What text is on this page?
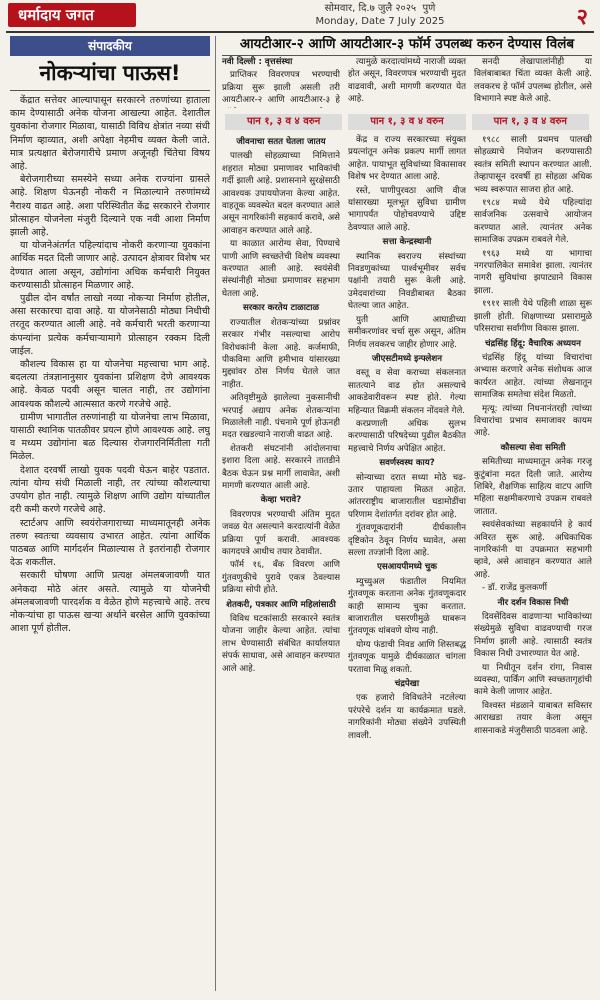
धर्मादाय जगत	सोमवार, दि.७ जुलै २०२५ पुणे
Monday, Date 7 July 2025	२
संपादकीय
नोकऱ्यांचा पाऊस!

केंद्रात सत्तेवर आल्यापासून सरकारने तरुणांच्या हाताला काम देण्यासाठी अनेक योजना आखल्या आहेत. देशातील युवकांना रोजगार मिळावा, यासाठी विविध क्षेत्रांत नव्या संधी निर्माण व्हाव्यात, अशी अपेक्षा नेहमीच व्यक्त केली जाते. मात्र प्रत्यक्षात बेरोजगारीचे प्रमाण अजूनही चिंतेचा विषय आहे.

बेरोजगारीच्या समस्येने सध्या अनेक राज्यांना ग्रासले आहे. शिक्षण घेऊनही नोकरी न मिळाल्याने तरुणांमध्ये नैराश्य वाढत आहे. अशा परिस्थितीत केंद्र सरकारने रोजगार प्रोत्साहन योजनेला मंजुरी दिल्याने एक नवी आशा निर्माण झाली आहे.

या योजनेअंतर्गत पहिल्यांदाच नोकरी करणाऱ्या युवकांना आर्थिक मदत दिली जाणार आहे. उत्पादन क्षेत्रावर विशेष भर देण्यात आला असून, उद्योगांना अधिक कर्मचारी नियुक्त करण्यासाठी प्रोत्साहन मिळणार आहे.

पुढील दोन वर्षांत लाखो नव्या नोकऱ्या निर्माण होतील, असा सरकारचा दावा आहे. या योजनेसाठी मोठ्या निधीची तरतूद करण्यात आली आहे. नवे कर्मचारी भरती करणाऱ्या कंपन्यांना प्रत्येक कर्मचाऱ्यामागे प्रोत्साहन रक्कम दिली जाईल.

कौशल्य विकास हा या योजनेचा महत्त्वाचा भाग आहे. बदलत्या तंत्रज्ञानानुसार युवकांना प्रशिक्षण देणे आवश्यक आहे. केवळ पदवी असून चालत नाही, तर उद्योगांना आवश्यक कौशल्ये आत्मसात करणे गरजेचे आहे.

ग्रामीण भागातील तरुणांनाही या योजनेचा लाभ मिळावा, यासाठी स्थानिक पातळीवर प्रयत्न होणे आवश्यक आहे. लघु व मध्यम उद्योगांना बळ दिल्यास रोजगारनिर्मितीला गती मिळेल.

देशात दरवर्षी लाखो युवक पदवी घेऊन बाहेर पडतात. त्यांना योग्य संधी मिळाली नाही, तर त्यांच्या कौशल्याचा उपयोग होत नाही. त्यामुळे शिक्षण आणि उद्योग यांच्यातील दरी कमी करणे गरजेचे आहे.

स्टार्टअप आणि स्वयंरोजगाराच्या माध्यमातूनही अनेक तरुण स्वतःचा व्यवसाय उभारत आहेत. त्यांना आर्थिक पाठबळ आणि मार्गदर्शन मिळाल्यास ते इतरांनाही रोजगार देऊ शकतील.

सरकारी घोषणा आणि प्रत्यक्ष अंमलबजावणी यात अनेकदा मोठे अंतर असते. त्यामुळे या योजनेची अंमलबजावणी पारदर्शक व वेळेत होणे महत्त्वाचे आहे. तरच नोकऱ्यांचा हा पाऊस खऱ्या अर्थाने बरसेल आणि युवकांच्या आशा पूर्ण होतील.

आयटीआर-२ आणि आयटीआर-३ फॉर्म उपलब्ध करुन देण्यास विलंब

नवी दिल्ली : वृत्तसंस्था

प्राप्तिकर विवरणपत्र भरण्याची प्रक्रिया सुरू झाली असली तरी आयटीआर-२ आणि आयटीआर-३ हे

त्यामुळे करदात्यांमध्ये नाराजी व्यक्त होत असून, विवरणपत्र भरण्याची मुदत वाढवावी, अशी मागणी करण्यात येत आहे.

सनदी लेखापालांनीही या विलंबाबाबत चिंता व्यक्त केली आहे. लवकरच हे फॉर्म उपलब्ध होतील, असे विभागाने स्पष्ट केले आहे.

पान १, ३ व ४ वरुन	पान १, ३ व ४ वरुन	पान १, ३ व ४ वरुन

जीवनाचा सतत घेतला जातय

पालखी सोहळ्याच्या निमित्ताने शहरात मोठ्या प्रमाणावर भाविकांची गर्दी झाली आहे. प्रशासनाने सुरक्षेसाठी आवश्यक उपाययोजना केल्या आहेत. वाहतूक व्यवस्थेत बदल करण्यात आले असून नागरिकांनी सहकार्य करावे, असे आवाहन करण्यात आले आहे.

या काळात आरोग्य सेवा, पिण्याचे पाणी आणि स्वच्छतेची विशेष व्यवस्था करण्यात आली आहे. स्वयंसेवी संस्थांनीही मोठ्या प्रमाणावर सहभाग घेतला आहे.

सरकार करतेय टाळाटाळ

राज्यातील शेतकऱ्यांच्या प्रश्नांवर सरकार गंभीर नसल्याचा आरोप विरोधकांनी केला आहे. कर्जमाफी, पीकविमा आणि हमीभाव यांसारख्या मुद्द्यांवर ठोस निर्णय घेतले जात नाहीत.

अतिवृष्टीमुळे झालेल्या नुकसानीची भरपाई अद्याप अनेक शेतकऱ्यांना मिळालेली नाही. पंचनामे पूर्ण होऊनही मदत रखडल्याने नाराजी वाढत आहे.

शेतकरी संघटनांनी आंदोलनाचा इशारा दिला आहे. सरकारने तातडीने बैठक घेऊन प्रश्न मार्गी लावावेत, अशी मागणी करण्यात आली आहे.

केव्हा भरावे?

विवरणपत्र भरण्याची अंतिम मुदत जवळ येत असल्याने करदात्यांनी वेळेत प्रक्रिया पूर्ण करावी. आवश्यक कागदपत्रे आधीच तयार ठेवावीत.

फॉर्म १६, बँक विवरण आणि गुंतवणुकीचे पुरावे एकत्र ठेवल्यास प्रक्रिया सोपी होते.

शेतकरी, पत्रकार आणि महिलांसाठी

विविध घटकांसाठी सरकारने स्वतंत्र योजना जाहीर केल्या आहेत. त्यांचा लाभ घेण्यासाठी संबंधित कार्यालयात संपर्क साधावा, असे आवाहन करण्यात आले आहे.

केंद्र व राज्य सरकारच्या संयुक्त प्रयत्नांतून अनेक प्रकल्प मार्गी लागत आहेत. पायाभूत सुविधांच्या विकासावर विशेष भर देण्यात आला आहे.

रस्ते, पाणीपुरवठा आणि वीज यांसारख्या मूलभूत सुविधा ग्रामीण भागापर्यंत पोहोचवण्याचे उद्दिष्ट ठेवण्यात आले आहे.

सत्ता केन्द्रस्थानी

स्थानिक स्वराज्य संस्थांच्या निवडणुकांच्या पार्श्वभूमीवर सर्वच पक्षांनी तयारी सुरू केली आहे. उमेदवारांच्या निवडीबाबत बैठका घेतल्या जात आहेत.

युती आणि आघाडीच्या समीकरणांवर चर्चा सुरू असून, अंतिम निर्णय लवकरच जाहीर होणार आहे.

जीएसटीमध्ये इन्फ्लेशन

वस्तू व सेवा कराच्या संकलनात सातत्याने वाढ होत असल्याचे आकडेवारीवरून स्पष्ट होते. गेल्या महिन्यात विक्रमी संकलन नोंदवले गेले.

करप्रणाली अधिक सुलभ करण्यासाठी परिषदेच्या पुढील बैठकीत महत्त्वाचे निर्णय अपेक्षित आहेत.

सवर्णस्वस्थ काय?

सोन्याच्या दरात सध्या मोठे चढ-उतार पाहायला मिळत आहेत. आंतरराष्ट्रीय बाजारातील घडामोडींचा परिणाम देशांतर्गत दरांवर होत आहे.

गुंतवणूकदारांनी दीर्घकालीन दृष्टिकोन ठेवून निर्णय घ्यावेत, असा सल्ला तज्ज्ञांनी दिला आहे.

एसआयपीमध्ये चुक

म्युच्युअल फंडातील नियमित गुंतवणूक करताना अनेक गुंतवणूकदार काही सामान्य चुका करतात. बाजारातील घसरणीमुळे घाबरून गुंतवणूक थांबवणे योग्य नाही.

योग्य फंडाची निवड आणि शिस्तबद्ध गुंतवणूक यामुळे दीर्घकाळात चांगला परतावा मिळू शकतो.

चंद्रपेखा

एक हजारो विविधतेने नटलेल्या परंपरेचे दर्शन या कार्यक्रमात घडले. नागरिकांनी मोठ्या संख्येने उपस्थिती लावली.

१९८८ साली प्रथमच पालखी सोहळ्याचे नियोजन करण्यासाठी स्वतंत्र समिती स्थापन करण्यात आली. तेव्हापासून दरवर्षी हा सोहळा अधिक भव्य स्वरूपात साजरा होत आहे.

१९८४ मध्ये येथे पहिल्यांदा सार्वजनिक उत्सवाचे आयोजन करण्यात आले. त्यानंतर अनेक सामाजिक उपक्रम राबवले गेले.

१९६३ मध्ये या भागाचा नगरपालिकेत समावेश झाला. त्यानंतर नागरी सुविधांचा झपाट्याने विकास झाला.

१९११ साली येथे पहिली शाळा सुरू झाली होती. शिक्षणाच्या प्रसारामुळे परिसराचा सर्वांगीण विकास झाला.

चंद्रसिंह हिंदू: वैचारिक अध्ययन

चंद्रसिंह हिंदू यांच्या विचारांचा अभ्यास करणारे अनेक संशोधक आज कार्यरत आहेत. त्यांच्या लेखनातून सामाजिक समतेचा संदेश मिळतो.

मृत्यू: त्यांच्या निधनानंतरही त्यांच्या विचारांचा प्रभाव समाजावर कायम आहे.

कौसल्या सेवा समिती

समितीच्या माध्यमातून अनेक गरजू कुटुंबांना मदत दिली जाते. आरोग्य शिबिरे, शैक्षणिक साहित्य वाटप आणि महिला सक्षमीकरणाचे उपक्रम राबवले जातात.

स्वयंसेवकांच्या सहकार्याने हे कार्य अविरत सुरू आहे. अधिकाधिक नागरिकांनी या उपक्रमात सहभागी व्हावे, असे आवाहन करण्यात आले आहे.

- डॉ. राजेंद्र कुलकर्णी

नीर दर्शन विकास निधी

दिवसेंदिवस वाढणाऱ्या भाविकांच्या संख्येमुळे सुविधा वाढवण्याची गरज निर्माण झाली आहे. त्यासाठी स्वतंत्र विकास निधी उभारण्यात येत आहे.

या निधीतून दर्शन रांगा, निवास व्यवस्था, पार्किंग आणि स्वच्छतागृहांची कामे केली जाणार आहेत.

विश्वस्त मंडळाने याबाबत सविस्तर आराखडा तयार केला असून शासनाकडे मंजुरीसाठी पाठवला आहे.
